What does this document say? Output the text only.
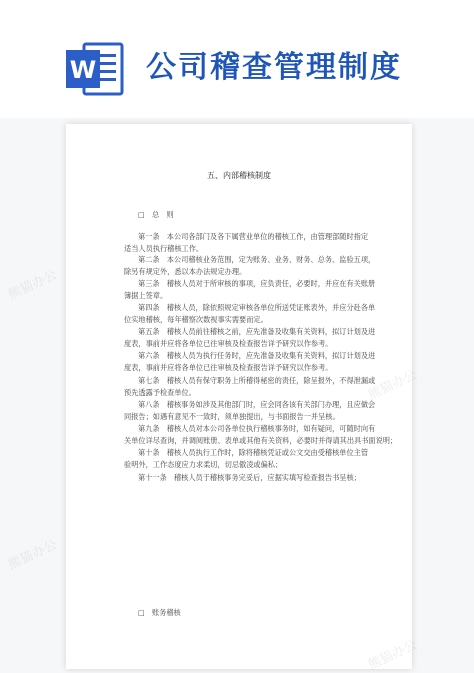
W 公司稽查管理制度
五、内部稽核制度
□　总　则
第一条　本公司各部门及各下属营业单位的稽核工作，由管理部随时指定
适当人员执行稽核工作。
第二条　本公司稽核业务范围，定为账务、业务、财务、总务、监验五项，
除另有规定外，悉以本办法规定办理。
第三条　稽核人员对于所审核的事项，应负责任，必要时，并应在有关账册
簿据上签章。
第四条　稽核人员，除依照规定审核各单位所送凭证账表外，并应分赴各单
位实地稽核，每年稽察次数视事实需要而定。
第五条　稽核人员前往稽核之前，应先准备及收集有关资料，拟订计划及进
度表，事前并应将各单位已往审核及检查报告详予研究以作参考。
第六条　稽核人员为执行任务时，应先准备及收集有关资料，拟订计划及进
度表，事前并应将各单位已往审核及检查报告详予研究以作参考。
第七条　稽核人员有保守职务上所稽得秘密的责任，除呈报外，不得泄漏或
预先透露予检查单位。
第八条　稽核事务如涉及其他部门时，应会同各该有关部门办理，且应做会
同报告；如遇有意见不一致时，须单独提出，与书面报告一并呈核。
第九条　稽核人员对本公司各单位执行稽核事务时，如有疑问，可随时向有
关单位详尽查询，并调阅账册、表单或其他有关资料，必要时并得请其出具书面说明；
第十条　稽核人员执行工作时，除将稽核凭证或公文交由受稽核单位主管
验明外，工作态度应力求柔切，切忌傲凌或偏私；
第十一条　稽核人员于稽核事务完妥后，应据实填写检查报告书呈核；
□　账务稽核
熊猫办公
熊猫办公
熊猫办公
熊猫办公
